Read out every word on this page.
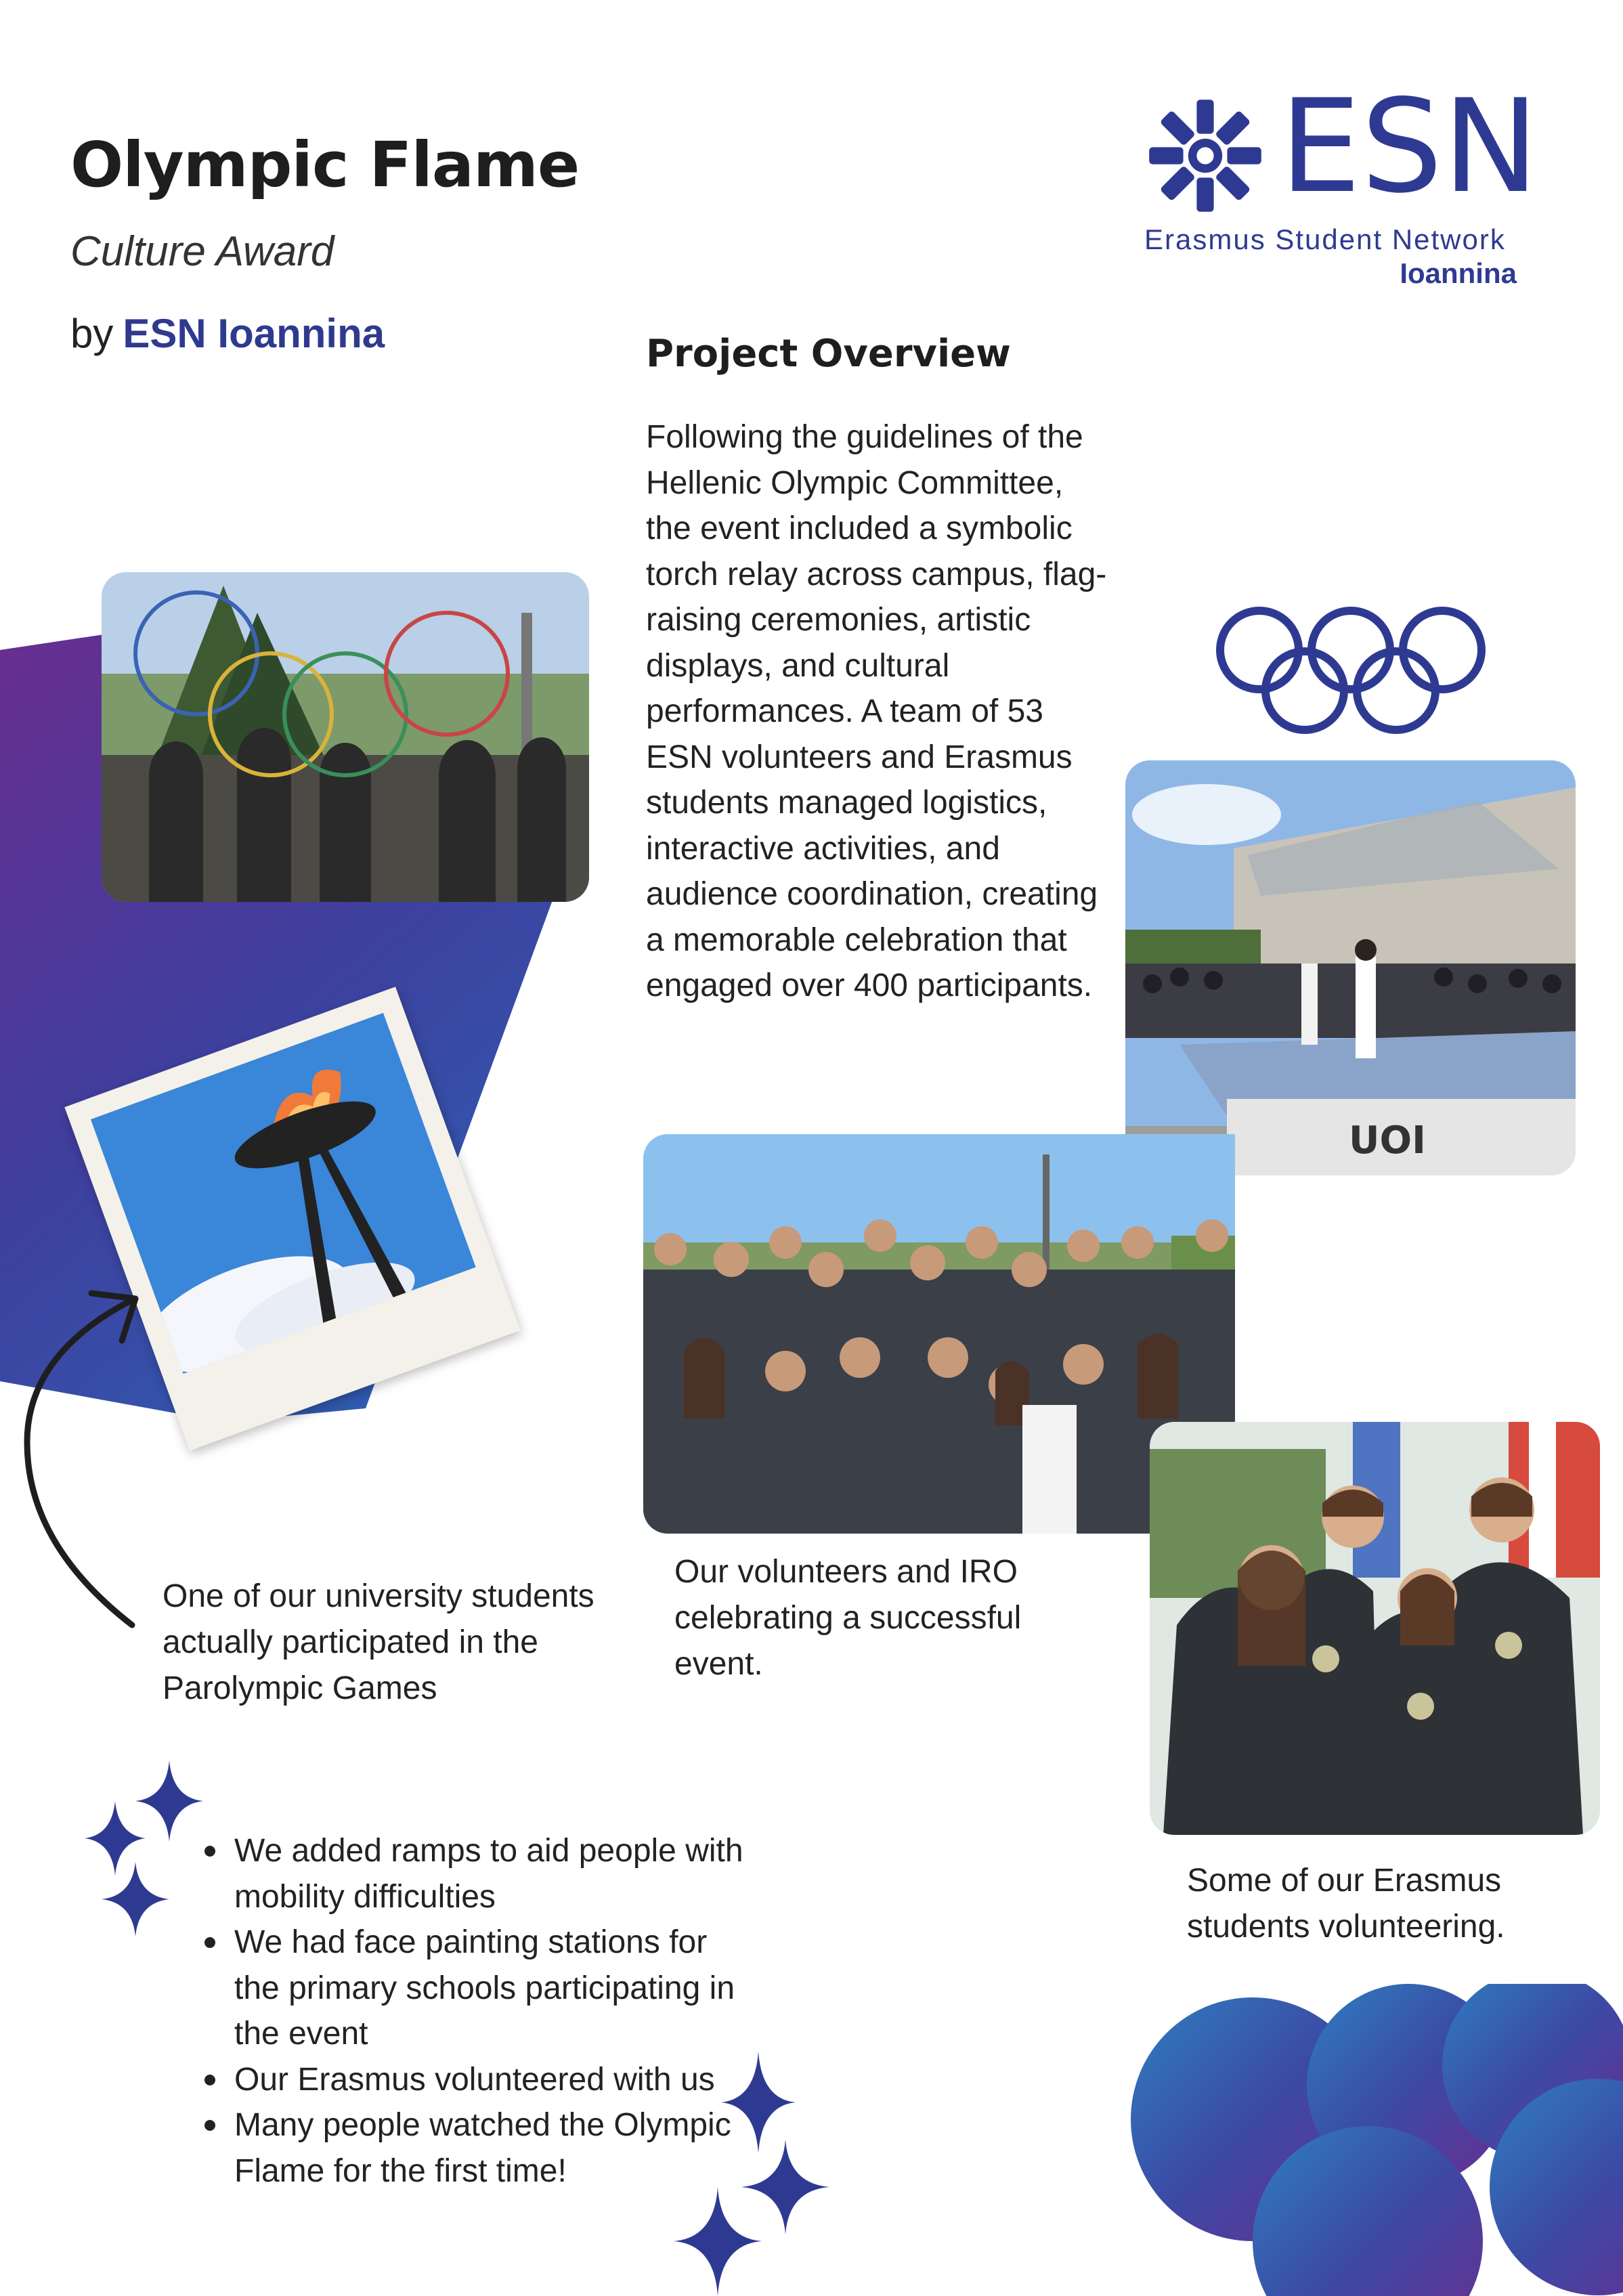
Olympic Flame
Culture Award
by ESN Ioannina
ESN
Erasmus Student Network
Ioannina
Project Overview
Following the guidelines of the Hellenic Olympic Committee, the event included a symbolic torch relay across campus, flag-raising ceremonies, artistic displays, and cultural performances. A team of 53 ESN volunteers and Erasmus students managed logistics, interactive activities, and audience coordination, creating a memorable celebration that engaged over 400 participants.
UOI
One of our university students actually participated in the Parolympic Games
Our volunteers and IRO celebrating a successful event.
Some of our Erasmus students volunteering.
We added ramps to aid people with mobility difficulties
We had face painting stations for the primary schools participating in the event
Our Erasmus volunteered with us
Many people watched the Olympic Flame for the first time!
